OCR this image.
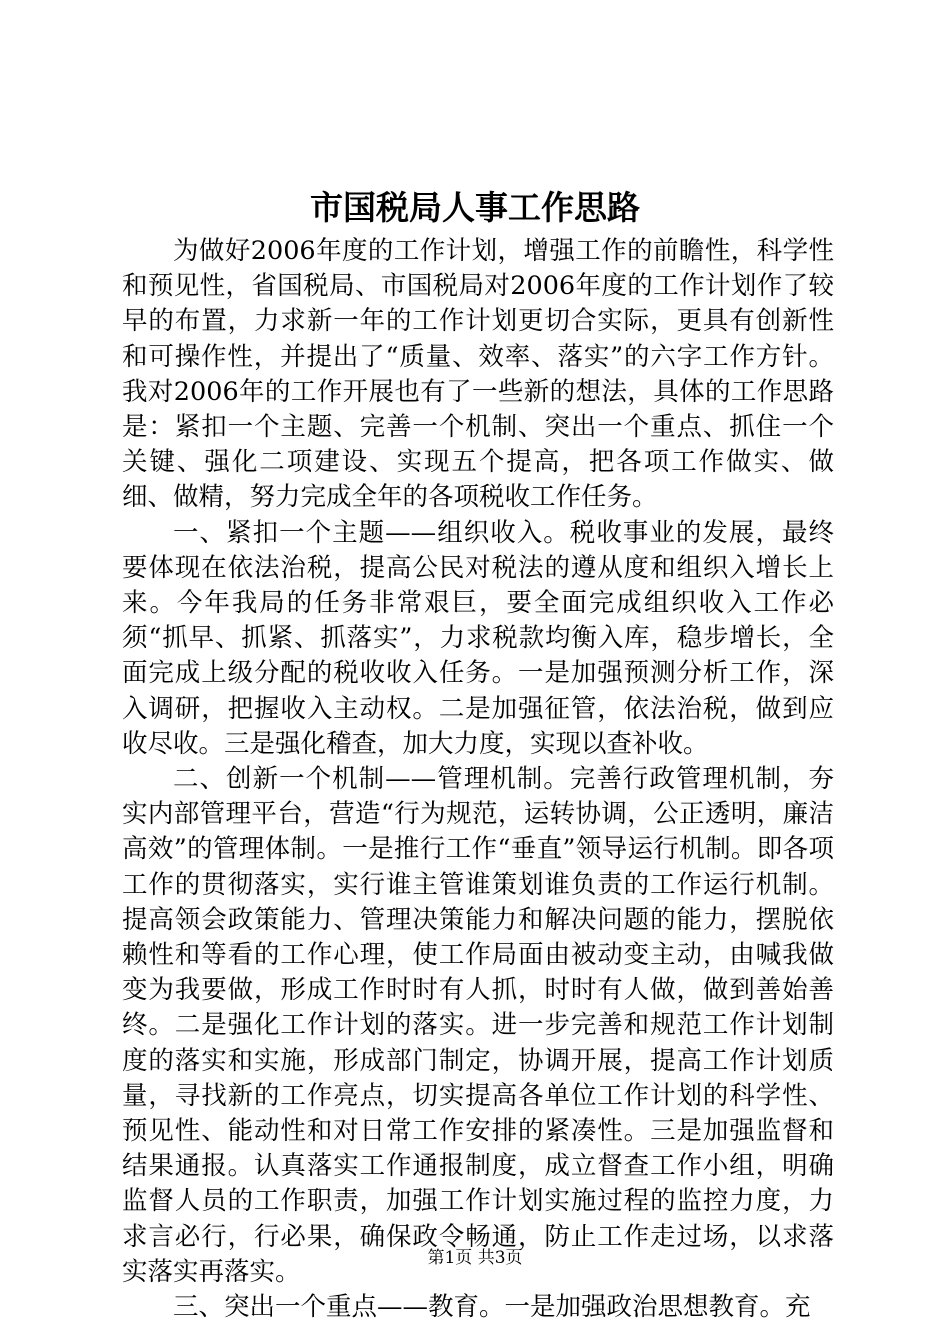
市国税局人事工作思路

为做好2006年度的工作计划，增强工作的前瞻性，科学性和预见性，省国税局、市国税局对2006年度的工作计划作了较早的布置，力求新一年的工作计划更切合实际，更具有创新性和可操作性，并提出了“质量、效率、落实”的六字工作方针。我对2006年的工作开展也有了一些新的想法，具体的工作思路是：紧扣一个主题、完善一个机制、突出一个重点、抓住一个关键、强化二项建设、实现五个提高，把各项工作做实、做细、做精，努力完成全年的各项税收工作任务。

一、紧扣一个主题——组织收入。税收事业的发展，最终要体现在依法治税，提高公民对税法的遵从度和组织入增长上来。今年我局的任务非常艰巨，要全面完成组织收入工作必须“抓早、抓紧、抓落实”，力求税款均衡入库，稳步增长，全面完成上级分配的税收收入任务。一是加强预测分析工作，深入调研，把握收入主动权。二是加强征管，依法治税，做到应收尽收。三是强化稽查，加大力度，实现以查补收。

二、创新一个机制——管理机制。完善行政管理机制，夯实内部管理平台，营造“行为规范，运转协调，公正透明，廉洁高效”的管理体制。一是推行工作“垂直”领导运行机制。即各项工作的贯彻落实，实行谁主管谁策划谁负责的工作运行机制。提高领会政策能力、管理决策能力和解决问题的能力，摆脱依赖性和等看的工作心理，使工作局面由被动变主动，由喊我做变为我要做，形成工作时时有人抓，时时有人做，做到善始善终。二是强化工作计划的落实。进一步完善和规范工作计划制度的落实和实施，形成部门制定，协调开展，提高工作计划质量，寻找新的工作亮点，切实提高各单位工作计划的科学性、预见性、能动性和对日常工作安排的紧凑性。三是加强监督和结果通报。认真落实工作通报制度，成立督查工作小组，明确监督人员的工作职责，加强工作计划实施过程的监控力度，力求言必行，行必果，确保政令畅通，防止工作走过场，以求落实落实再落实。

三、突出一个重点——教育。一是加强政治思想教育。充

第1页 共3页
